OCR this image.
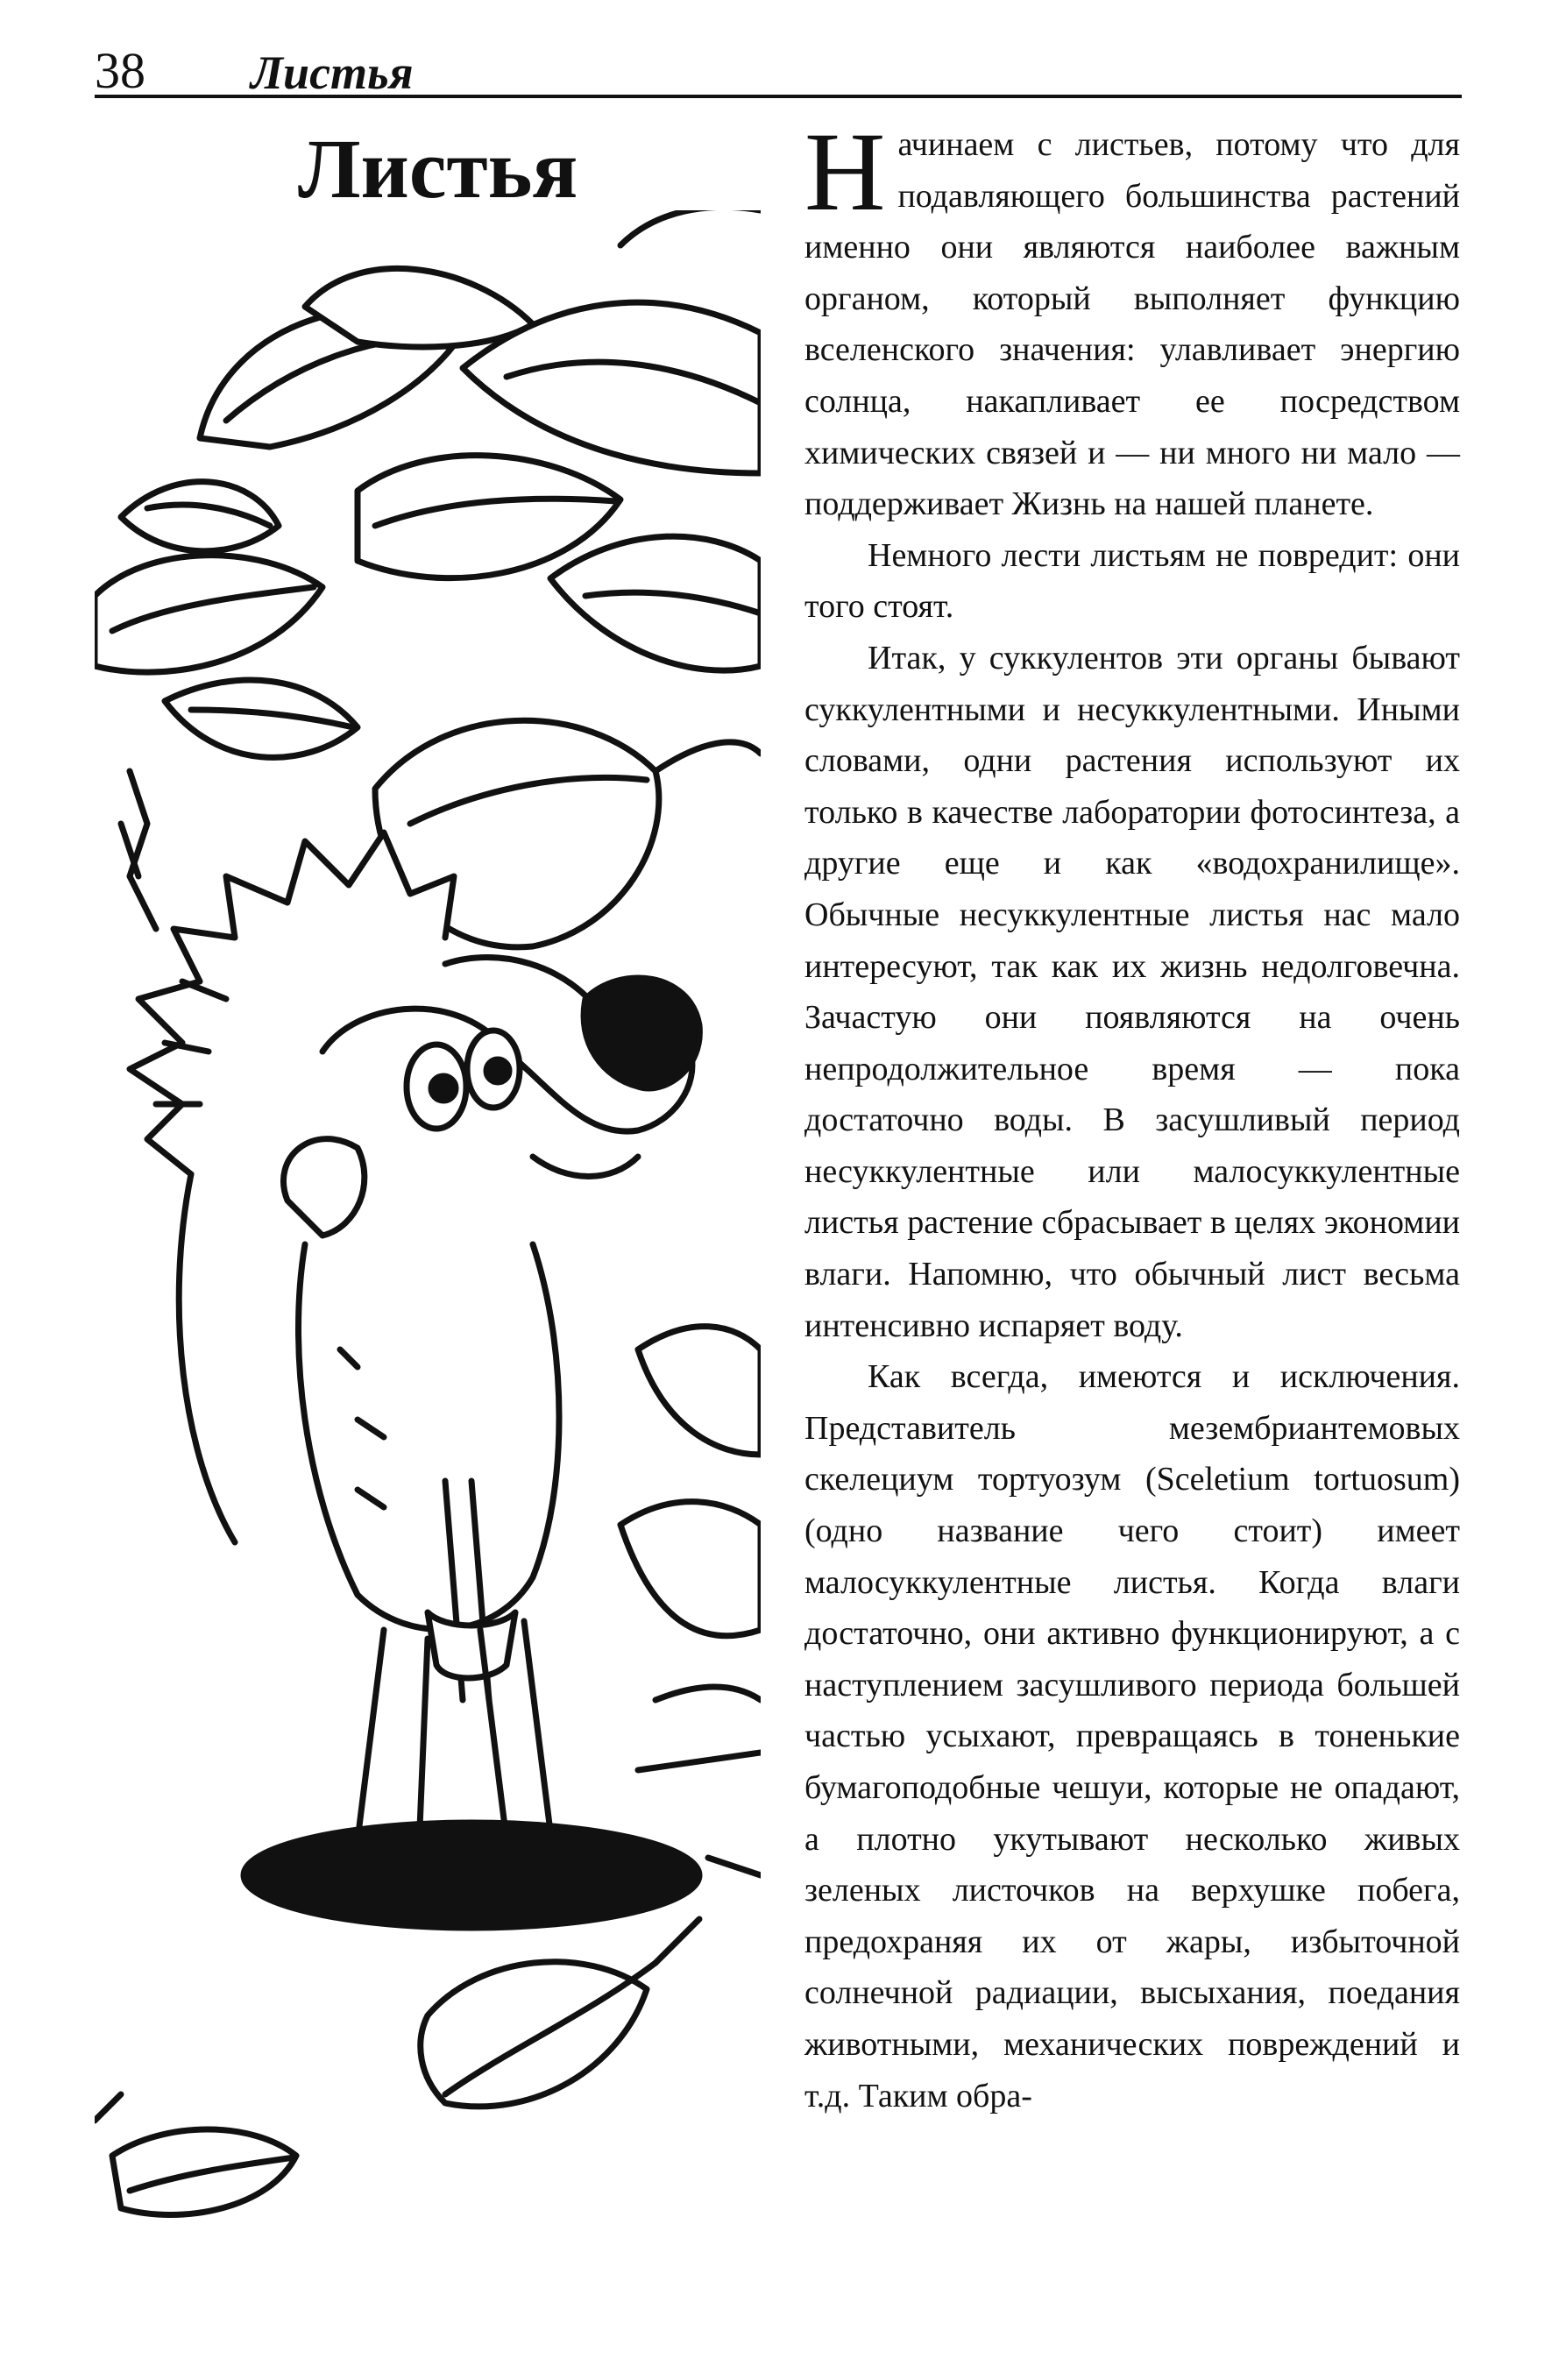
38 Листья
Листья	Начинаем с листьев, потому что для подавляющего большинства растений именно они являются наиболее важным органом, который выполняет функцию вселенского значения: улавливает энергию солнца, накапливает ее посредством химических связей и — ни много ни мало — поддерживает Жизнь на нашей планете.

Немного лести листьям не повредит: они того стоят.

Итак, у суккулентов эти органы бывают суккулентными и несуккулентными. Иными словами, одни растения используют их только в качестве лаборатории фотосинтеза, а другие еще и как «водохранилище». Обычные несуккулентные листья нас мало интересуют, так как их жизнь недолговечна. Зачастую они появляются на очень непродолжительное время — пока достаточно воды. В засушливый период несуккулентные или малосуккулентные листья растение сбрасывает в целях экономии влаги. Напомню, что обычный лист весьма интенсивно испаряет воду.

Как всегда, имеются и исключения. Представитель мезембриантемовых скелециум тортуозум (Sceletium tortuosum) (одно название чего стоит) имеет малосуккулентные листья. Когда влаги достаточно, они активно функционируют, а с наступлением засушливого периода большей частью усыхают, превращаясь в тоненькие бумагоподобные чешуи, которые не опадают, а плотно укутывают несколько живых зеленых листочков на верхушке побега, предохраняя их от жары, избыточной солнечной радиации, высыхания, поедания животными, механических повреждений и т.д. Таким обра-
